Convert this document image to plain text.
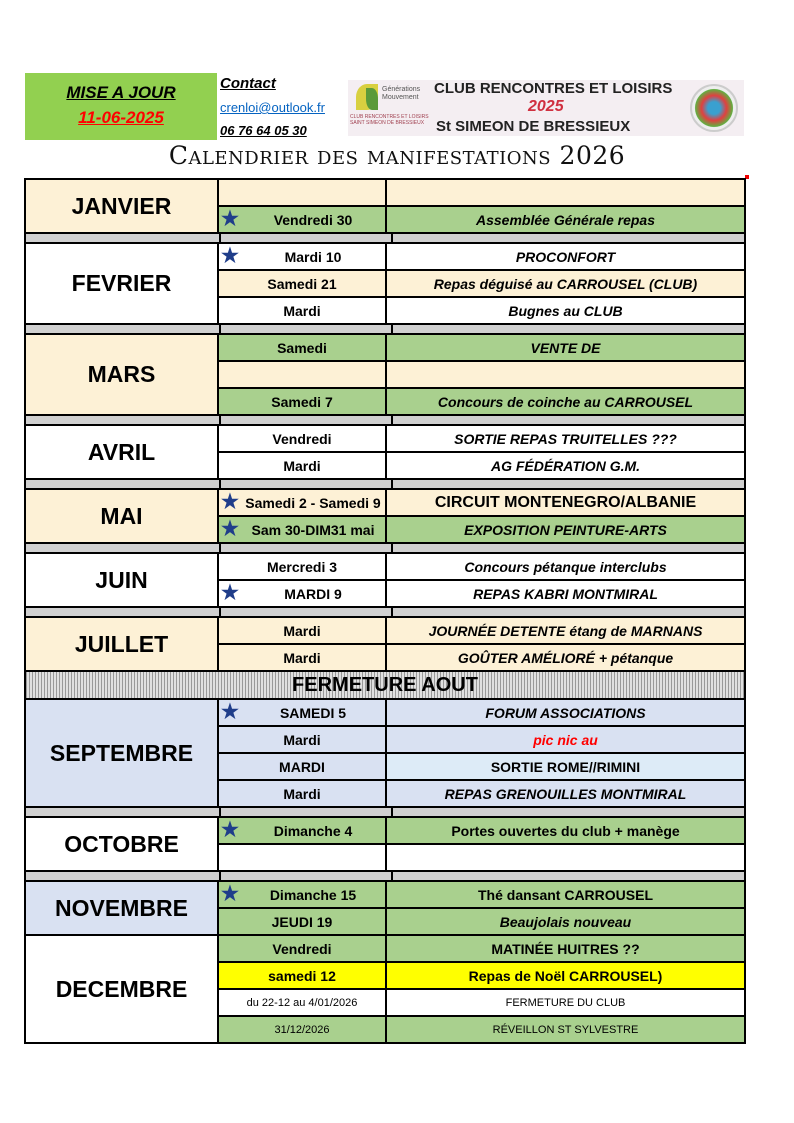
MISE A JOUR
11-06-2025
Contact
crenloi@outlook.fr
06 76 64 05 30
Générations Mouvement
CLUB RENCONTRES ET LOISIRS SAINT SIMEON DE BRESSIEUX
CLUB RENCONTRES ET LOISIRS
2025
St SIMEON DE BRESSIEUX
Calendrier des manifestations 2026
JANVIER
★ Vendredi 30	Assemblée Générale repas
FEVRIER
★	Mardi 10	PROCONFORT
Samedi 21	Repas déguisé au CARROUSEL (CLUB)
Mardi	Bugnes au CLUB
MARS
Samedi	VENTE DE
Samedi 7	Concours de coinche au CARROUSEL
AVRIL	Vendredi	SORTIE REPAS TRUITELLES ???
Mardi	AG FÉDÉRATION G.M.
MAI
★ Samedi 2 - Samedi 9	CIRCUIT MONTENEGRO/ALBANIE
★ Sam 30-DIM31 mai	EXPOSITION PEINTURE-ARTS
JUIN	Mercredi 3	Concours pétanque interclubs
★	MARDI 9	REPAS KABRI MONTMIRAL
JUILLET	Mardi	JOURNÉE DETENTE étang de MARNANS
Mardi	GOÛTER AMÉLIORÉ + pétanque
FERMETURE AOUT
SEPTEMBRE
★	SAMEDI 5	FORUM ASSOCIATIONS
Mardi	pic nic au
MARDI	SORTIE ROME//RIMINI
Mardi	REPAS GRENOUILLES MONTMIRAL
OCTOBRE
★ Dimanche 4	Portes ouvertes du club + manège
NOVEMBRE
★ Dimanche 15	Thé dansant CARROUSEL
JEUDI 19	Beaujolais nouveau
DECEMBRE
Vendredi	MATINÉE HUITRES ??
samedi 12	Repas de Noël CARROUSEL)
du 22-12 au 4/01/2026	FERMETURE DU CLUB
31/12/2026	RÉVEILLON ST SYLVESTRE
